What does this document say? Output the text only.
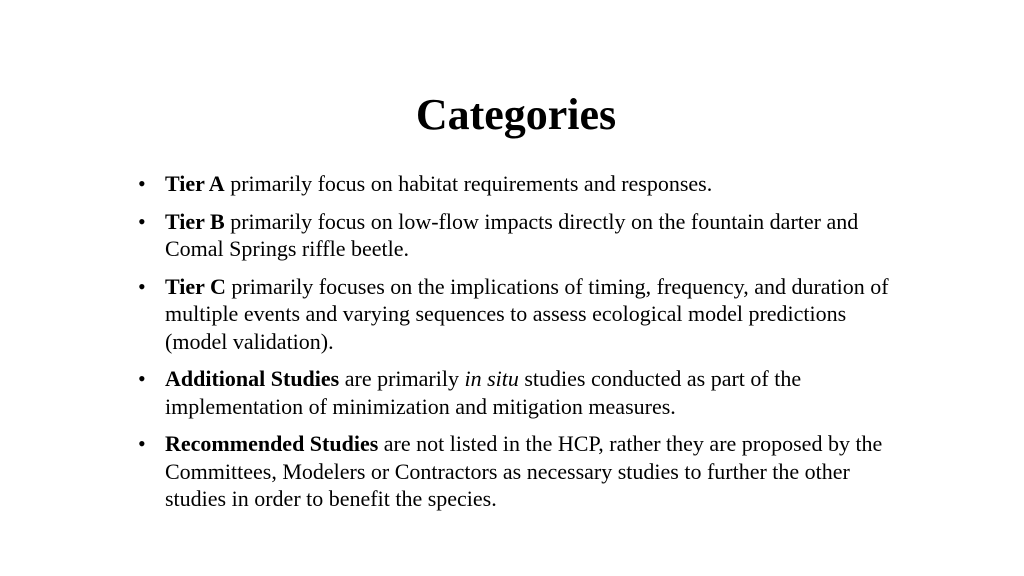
Categories
• Tier A primarily focus on habitat requirements and responses.
• Tier B primarily focus on low-flow impacts directly on the fountain darter and Comal Springs riffle beetle.
• Tier C primarily focuses on the implications of timing, frequency, and duration of multiple events and varying sequences to assess ecological model predictions (model validation).
• Additional Studies are primarily in situ studies conducted as part of the implementation of minimization and mitigation measures.
• Recommended Studies are not listed in the HCP, rather they are proposed by the Committees, Modelers or Contractors as necessary studies to further the other studies in order to benefit the species.
